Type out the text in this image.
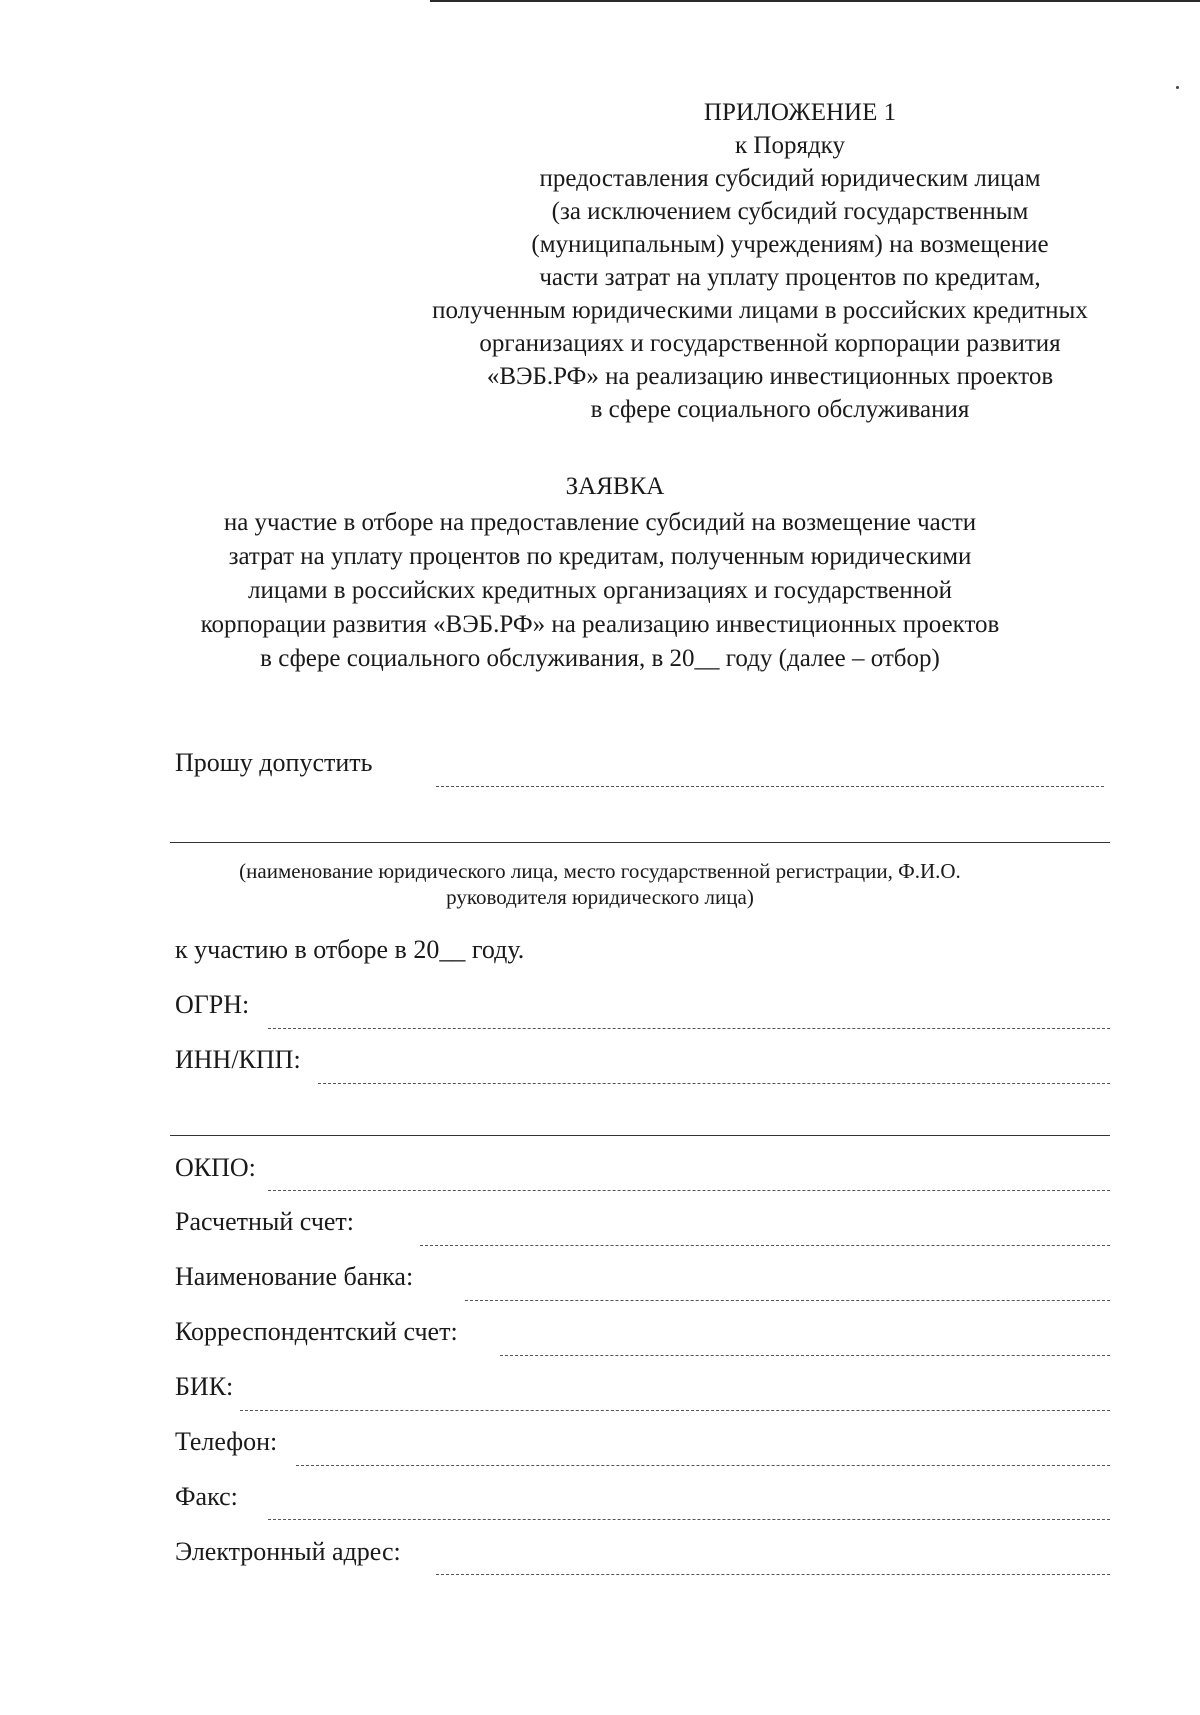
ПРИЛОЖЕНИЕ 1
к Порядку
предоставления субсидий юридическим лицам
(за исключением субсидий государственным
(муниципальным) учреждениям) на возмещение
части затрат на уплату процентов по кредитам,
полученным юридическими лицами в российских кредитных
организациях и государственной корпорации развития
«ВЭБ.РФ» на реализацию инвестиционных проектов
в сфере социального обслуживания
ЗАЯВКА
на участие в отборе на предоставление субсидий на возмещение части
затрат на уплату процентов по кредитам, полученным юридическими
лицами в российских кредитных организациях и государственной
корпорации развития «ВЭБ.РФ» на реализацию инвестиционных проектов
в сфере социального обслуживания, в 20__ году (далее – отбор)
Прошу допустить
(наименование юридического лица, место государственной регистрации, Ф.И.О.
руководителя юридического лица)
к участию в отборе в 20__ году.
ОГРН:
ИНН/КПП:
ОКПО:
Расчетный счет:
Наименование банка:
Корреспондентский счет:
БИК:
Телефон:
Факс:
Электронный адрес:
